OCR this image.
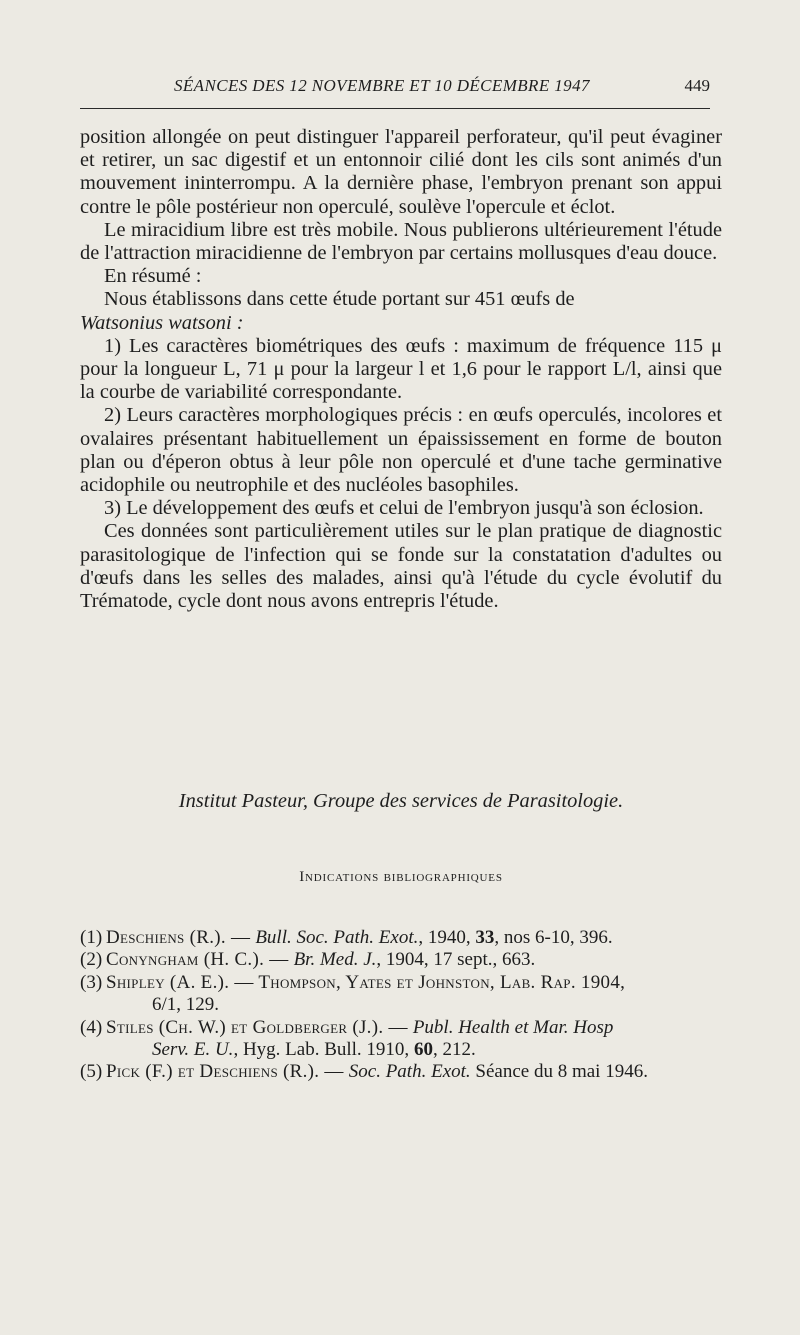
SÉANCES DES 12 NOVEMBRE ET 10 DÉCEMBRE 1947	449

position allongée on peut distinguer l'appareil perforateur, qu'il peut évaginer et retirer, un sac digestif et un entonnoir cilié dont les cils sont animés d'un mouvement ininterrompu. A la dernière phase, l'embryon prenant son appui contre le pôle postérieur non operculé, soulève l'opercule et éclot.

Le miracidium libre est très mobile. Nous publierons ultérieurement l'étude de l'attraction miracidienne de l'embryon par certains mollusques d'eau douce.

En résumé :

Nous établissons dans cette étude portant sur 451 œufs de
Watsonius watsoni :

1) Les caractères biométriques des œufs : maximum de fréquence 115 μ pour la longueur L, 71 μ pour la largeur l et 1,6 pour le rapport L/l, ainsi que la courbe de variabilité correspondante.

2) Leurs caractères morphologiques précis : en œufs operculés, incolores et ovalaires présentant habituellement un épaississement en forme de bouton plan ou d'éperon obtus à leur pôle non operculé et d'une tache germinative acidophile ou neutrophile et des nucléoles basophiles.

3) Le développement des œufs et celui de l'embryon jusqu'à son éclosion.

Ces données sont particulièrement utiles sur le plan pratique de diagnostic parasitologique de l'infection qui se fonde sur la constatation d'adultes ou d'œufs dans les selles des malades, ainsi qu'à l'étude du cycle évolutif du Trématode, cycle dont nous avons entrepris l'étude.

Institut Pasteur, Groupe des services de Parasitologie.
Indications bibliographiques
(1) Deschiens (R.). — Bull. Soc. Path. Exot., 1940, 33, nos 6-10, 396.
(2) Conyngham (H. C.). — Br. Med. J., 1904, 17 sept., 663.
(3) Shipley (A. E.). — Thompson, Yates et Johnston, Lab. Rap. 1904,
6/1, 129.
(4) Stiles (Ch. W.) et Goldberger (J.). — Publ. Health et Mar. Hosp
Serv. E. U., Hyg. Lab. Bull. 1910, 60, 212.
(5) Pick (F.) et Deschiens (R.). — Soc. Path. Exot. Séance du 8 mai 1946.
